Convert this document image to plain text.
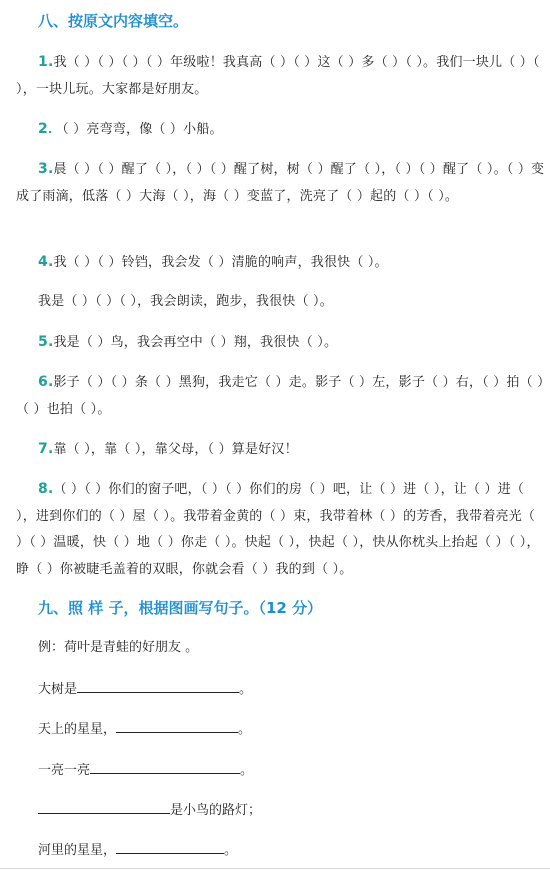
八、按原文内容填空。
1.我（ ）（ ）（ ）（ ）年级啦！我真高（ ）（ ）这（ ）多（ ）（ ）。我们一块儿（ ）（ ），一块儿玩。大家都是好朋友。
2．（ ）亮弯弯，像（ ）小船。
3.晨（ ）（ ）醒了（ ），（ ）（ ）醒了树，树（ ）醒了（ ），（ ）（ ）醒了（ ）。（ ）变成了雨滴，低落（ ）大海（ ），海（ ）变蓝了，洗亮了（ ）起的（ ）（ ）。
4.我（ ）（ ）铃铛，我会发（ ）清脆的响声，我很快（ ）。
我是（ ）（ ）（ ），我会朗读，跑步，我很快（ ）。
5.我是（ ）鸟，我会再空中（ ）翔，我很快（ ）。
6.影子（ ）（ ）条（ ）黑狗，我走它（ ）走。影子（ ）左，影子（ ）右，（ ）拍（ ）（ ）也拍（ ）。
7.靠（ ），靠（ ），靠父母，（ ）算是好汉！
8.（ ）（ ）你们的窗子吧，（ ）（ ）你们的房（ ）吧，让（ ）进（ ），让（ ）进（ ），进到你们的（ ）屋（ ）。我带着金黄的（ ）束，我带着林（ ）的芳香，我带着亮光（ ）（ ）温暖，快（ ）地（ ）你走（ ）。快起（ ），快起（ ），快从你枕头上抬起（ ）（ ），睁（ ）你被睫毛盖着的双眼，你就会看（ ）我的到（ ）。
九、照 样 子，根据图画写句子。（12 分）
例：荷叶是青蛙的好朋友 。
大树是	。
天上的星星，	。
一亮一亮	。
是小鸟的路灯；
河里的星星，	。
